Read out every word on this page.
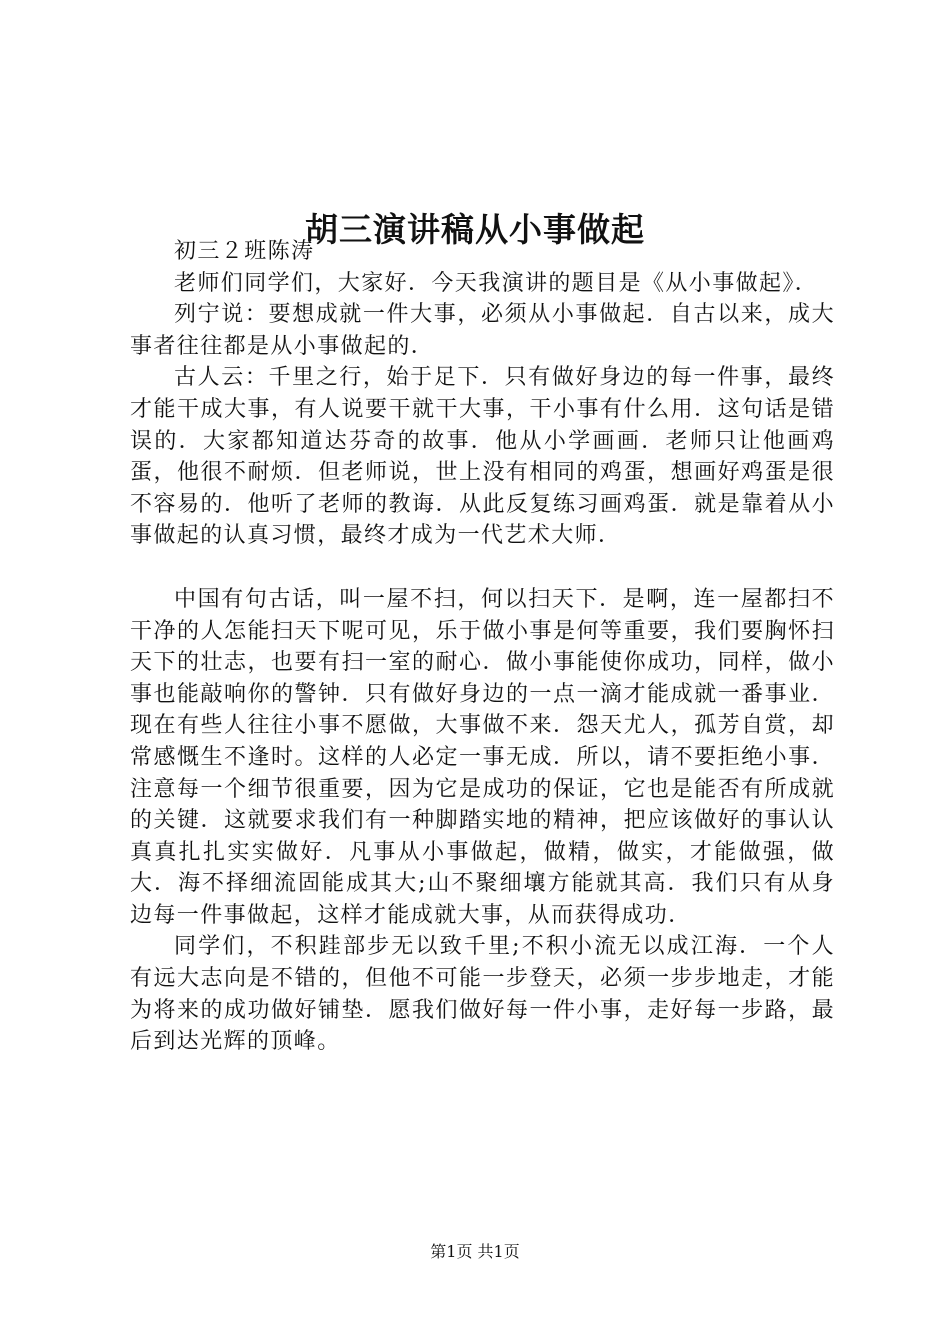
胡三演讲稿从小事做起

初三２班陈涛

老师们同学们，大家好．今天我演讲的题目是《从小事做起》．

列宁说：要想成就一件大事，必须从小事做起．自古以来，成大事者往往都是从小事做起的．

古人云：千里之行，始于足下．只有做好身边的每一件事，最终才能干成大事，有人说要干就干大事，干小事有什么用．这句话是错误的．大家都知道达芬奇的故事．他从小学画画．老师只让他画鸡蛋，他很不耐烦．但老师说，世上没有相同的鸡蛋，想画好鸡蛋是很不容易的．他听了老师的教诲．从此反复练习画鸡蛋．就是靠着从小事做起的认真习惯，最终才成为一代艺术大师．

中国有句古话，叫一屋不扫，何以扫天下．是啊，连一屋都扫不干净的人怎能扫天下呢可见，乐于做小事是何等重要，我们要胸怀扫天下的壮志，也要有扫一室的耐心．做小事能使你成功，同样，做小事也能敲响你的警钟．只有做好身边的一点一滴才能成就一番事业．现在有些人往往小事不愿做，大事做不来．怨天尤人，孤芳自赏，却常感慨生不逢时。这样的人必定一事无成．所以，请不要拒绝小事．注意每一个细节很重要，因为它是成功的保证，它也是能否有所成就的关键．这就要求我们有一种脚踏实地的精神，把应该做好的事认认真真扎扎实实做好．凡事从小事做起，做精，做实，才能做强，做大．海不择细流固能成其大;山不聚细壤方能就其高．我们只有从身边每一件事做起，这样才能成就大事，从而获得成功．

同学们，不积跬部步无以致千里;不积小流无以成江海．一个人有远大志向是不错的，但他不可能一步登天，必须一步步地走，才能为将来的成功做好铺垫．愿我们做好每一件小事，走好每一步路，最后到达光辉的顶峰。

第1页 共1页
